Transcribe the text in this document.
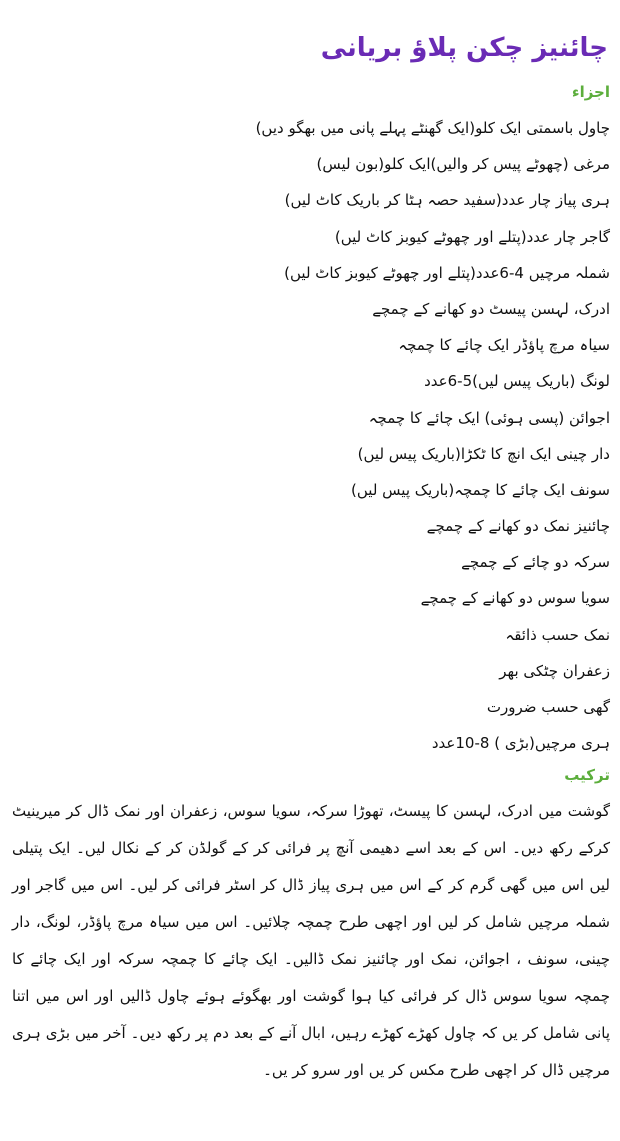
چائنیز چکن پلاؤ بریانی
اجزاء
چاول باسمتی ایک کلو(ایک گھنٹے پہلے پانی میں بھگو دیں)
مرغی (چھوٹے پیس کر والیں)ایک کلو(بون لیس)
ہری پیاز چار عدد(سفید حصہ ہٹا کر باریک کاٹ لیں)
گاجر چار عدد(پتلے اور چھوٹے کیوبز کاٹ لیں)
شملہ مرچیں 4-6عدد(پتلے اور چھوٹے کیوبز کاٹ لیں)
ادرک، لہسن پیسٹ دو کھانے کے چمچے
سیاہ مرچ پاؤڈر ایک چائے کا چمچہ
لونگ (باریک پیس لیں)5-6عدد
اجوائن (پسی ہوئی) ایک چائے کا چمچہ
دار چینی ایک انچ کا ٹکڑا(باریک پیس لیں)
سونف ایک چائے کا چمچہ(باریک پیس لیں)
چائنیز نمک دو کھانے کے چمچے
سرکہ دو چائے کے چمچے
سویا سوس دو کھانے کے چمچے
نمک حسب ذائقہ
زعفران چٹکی بھر
گھی حسب ضرورت
ہری مرچیں(بڑی ) 8-10عدد
ترکیب

گوشت میں ادرک، لہسن کا پیسٹ، تھوڑا سرکہ، سویا سوس، زعفران اور نمک ڈال کر میرینیٹ کرکے رکھ دیں۔ اس کے بعد اسے دھیمی آنچ پر فرائی کر کے گولڈن کر کے نکال لیں۔ ایک پتیلی لیں اس میں گھی گرم کر کے اس میں ہری پیاز ڈال کر اسٹر فرائی کر لیں۔ اس میں گاجر اور شملہ مرچیں شامل کر لیں اور اچھی طرح چمچہ چلائیں۔ اس میں سیاہ مرچ پاؤڈر، لونگ، دار چینی، سونف ، اجوائن، نمک اور چائنیز نمک ڈالیں۔ ایک چائے کا چمچہ سرکہ اور ایک چائے کا چمچہ سویا سوس ڈال کر فرائی کیا ہوا گوشت اور بھگوئے ہوئے چاول ڈالیں اور اس میں اتنا پانی شامل کر یں کہ چاول کھڑے کھڑے رہیں، ابال آنے کے بعد دم پر رکھ دیں۔ آخر میں بڑی ہری مرچیں ڈال کر اچھی طرح مکس کر یں اور سرو کر یں۔
